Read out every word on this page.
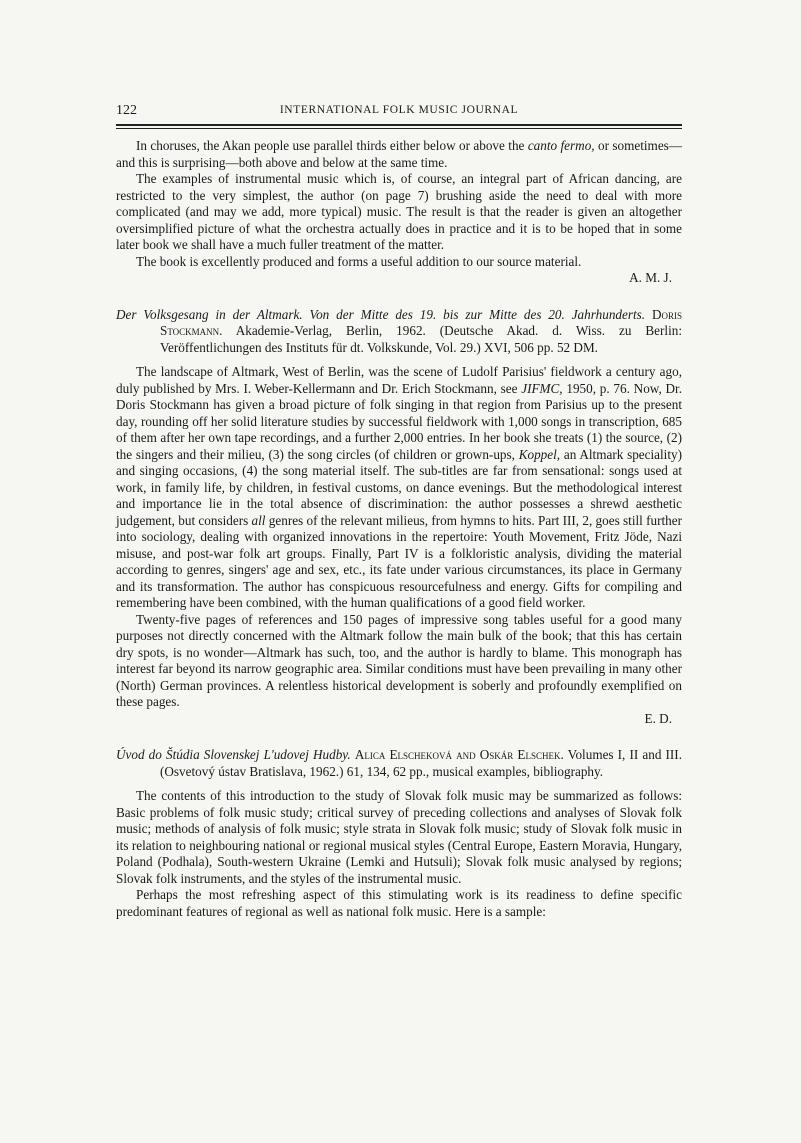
122	INTERNATIONAL FOLK MUSIC JOURNAL

In choruses, the Akan people use parallel thirds either below or above the canto fermo, or sometimes—and this is surprising—both above and below at the same time.

The examples of instrumental music which is, of course, an integral part of African dancing, are restricted to the very simplest, the author (on page 7) brushing aside the need to deal with more complicated (and may we add, more typical) music. The result is that the reader is given an altogether oversimplified picture of what the orchestra actually does in practice and it is to be hoped that in some later book we shall have a much fuller treatment of the matter.

The book is excellently produced and forms a useful addition to our source material.

A. M. J.

Der Volksgesang in der Altmark. Von der Mitte des 19. bis zur Mitte des 20. Jahrhunderts. Doris Stockmann. Akademie-Verlag, Berlin, 1962. (Deutsche Akad. d. Wiss. zu Berlin: Veröffentlichungen des Instituts für dt. Volkskunde, Vol. 29.) XVI, 506 pp. 52 DM.

The landscape of Altmark, West of Berlin, was the scene of Ludolf Parisius' fieldwork a century ago, duly published by Mrs. I. Weber-Kellermann and Dr. Erich Stockmann, see JIFMC, 1950, p. 76. Now, Dr. Doris Stockmann has given a broad picture of folk singing in that region from Parisius up to the present day, rounding off her solid literature studies by successful fieldwork with 1,000 songs in transcription, 685 of them after her own tape recordings, and a further 2,000 entries. In her book she treats (1) the source, (2) the singers and their milieu, (3) the song circles (of children or grown-ups, Koppel, an Altmark speciality) and singing occasions, (4) the song material itself. The sub-titles are far from sensational: songs used at work, in family life, by children, in festival customs, on dance evenings. But the methodological interest and importance lie in the total absence of discrimination: the author possesses a shrewd aesthetic judgement, but considers all genres of the relevant milieus, from hymns to hits. Part III, 2, goes still further into sociology, dealing with organized innovations in the repertoire: Youth Movement, Fritz Jöde, Nazi misuse, and post-war folk art groups. Finally, Part IV is a folkloristic analysis, dividing the material according to genres, singers' age and sex, etc., its fate under various circumstances, its place in Germany and its transformation. The author has conspicuous resourcefulness and energy. Gifts for compiling and remembering have been combined, with the human qualifications of a good field worker.

Twenty-five pages of references and 150 pages of impressive song tables useful for a good many purposes not directly concerned with the Altmark follow the main bulk of the book; that this has certain dry spots, is no wonder—Altmark has such, too, and the author is hardly to blame. This monograph has interest far beyond its narrow geographic area. Similar conditions must have been prevailing in many other (North) German provinces. A relentless historical development is soberly and profoundly exemplified on these pages.

E. D.

Úvod do Štúdia Slovenskej L'udovej Hudby. Alica Elscheková and Oskár Elschek. Volumes I, II and III. (Osvetový ústav Bratislava, 1962.) 61, 134, 62 pp., musical examples, bibliography.

The contents of this introduction to the study of Slovak folk music may be summarized as follows: Basic problems of folk music study; critical survey of preceding collections and analyses of Slovak folk music; methods of analysis of folk music; style strata in Slovak folk music; study of Slovak folk music in its relation to neighbouring national or regional musical styles (Central Europe, Eastern Moravia, Hungary, Poland (Podhala), South-western Ukraine (Lemki and Hutsuli); Slovak folk music analysed by regions; Slovak folk instruments, and the styles of the instrumental music.

Perhaps the most refreshing aspect of this stimulating work is its readiness to define specific predominant features of regional as well as national folk music. Here is a sample:
